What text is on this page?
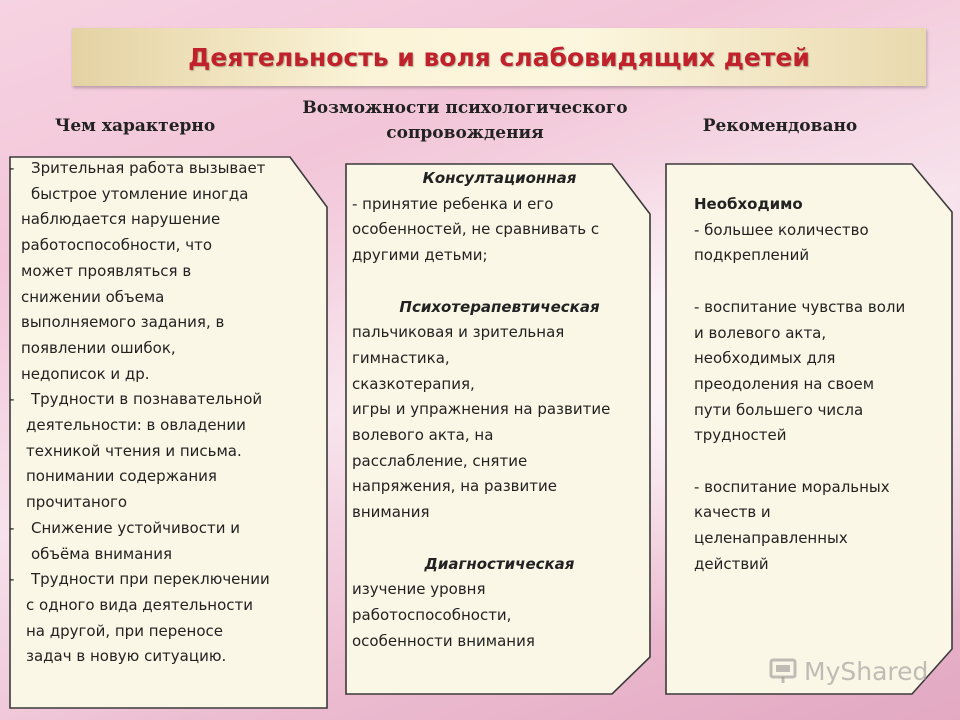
Деятельность и воля слабовидящих детей
Чем характерно
Возможности психологического сопровождения	Рекомендовано
- Зрительная работа вызывает
быстрое утомление иногда
наблюдается нарушение
работоспособности, что
может проявляться в
снижении объема
выполняемого задания, в
появлении ошибок,
недописок и др.
- Трудности в познавательной
деятельности: в овладении
техникой чтения и письма.
понимании содержания
прочитаного
- Снижение устойчивости и
объёма внимания
- Трудности при переключении
с одного вида деятельности
на другой, при переносе
задач в новую ситуацию.
Консултационная
- принятие ребенка и его
особенностей, не сравнивать с
другими детьми;
Психотерапевтическая
пальчиковая и зрительная
гимнастика,
сказкотерапия,
игры и упражнения на развитие
волевого акта, на
расслабление, снятие
напряжения, на развитие
внимания
Диагностическая
изучение уровня
работоспособности,
особенности внимания
Необходимо
- большее количество
подкреплений
- воспитание чувства воли
и волевого акта,
необходимых для
преодоления на своем
пути большего числа
трудностей
- воспитание моральных
качеств и
целенаправленных
действий
MyShared
